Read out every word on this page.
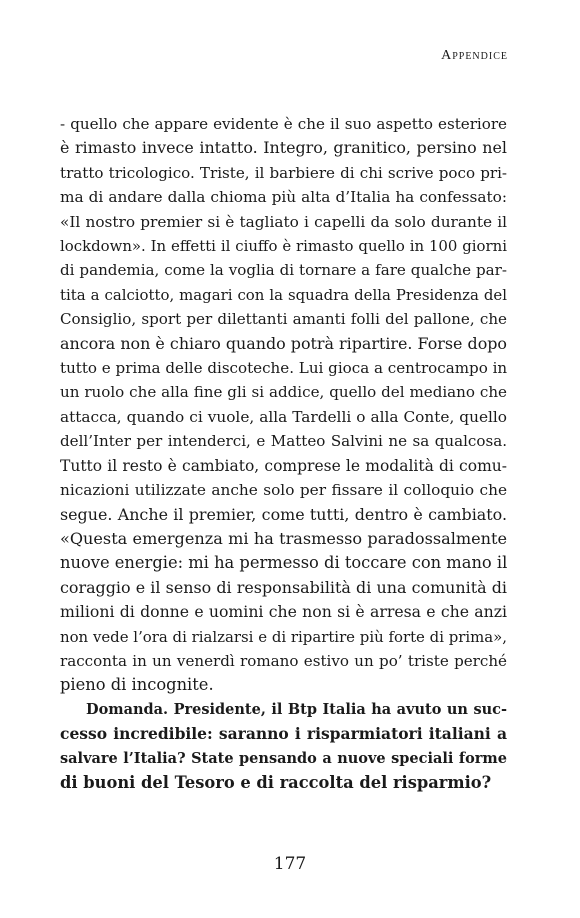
Appendice
- quello che appare evidente è che il suo aspetto esteriore
è rimasto invece intatto. Integro, granitico, persino nel
tratto tricologico. Triste, il barbiere di chi scrive poco pri-
ma di andare dalla chioma più alta d’Italia ha confessato:
«Il nostro premier si è tagliato i capelli da solo durante il
lockdown». In effetti il ciuffo è rimasto quello in 100 giorni
di pandemia, come la voglia di tornare a fare qualche par-
tita a calciotto, magari con la squadra della Presidenza del
Consiglio, sport per dilettanti amanti folli del pallone, che
ancora non è chiaro quando potrà ripartire. Forse dopo
tutto e prima delle discoteche. Lui gioca a centrocampo in
un ruolo che alla fine gli si addice, quello del mediano che
attacca, quando ci vuole, alla Tardelli o alla Conte, quello
dell’Inter per intenderci, e Matteo Salvini ne sa qualcosa.
Tutto il resto è cambiato, comprese le modalità di comu-
nicazioni utilizzate anche solo per fissare il colloquio che
segue. Anche il premier, come tutti, dentro è cambiato.
«Questa emergenza mi ha trasmesso paradossalmente
nuove energie: mi ha permesso di toccare con mano il
coraggio e il senso di responsabilità di una comunità di
milioni di donne e uomini che non si è arresa e che anzi
non vede l’ora di rialzarsi e di ripartire più forte di prima»,
racconta in un venerdì romano estivo un po’ triste perché
pieno di incognite.
Domanda. Presidente, il Btp Italia ha avuto un suc-
cesso incredibile: saranno i risparmiatori italiani a
salvare l’Italia? State pensando a nuove speciali forme
di buoni del Tesoro e di raccolta del risparmio?
177
